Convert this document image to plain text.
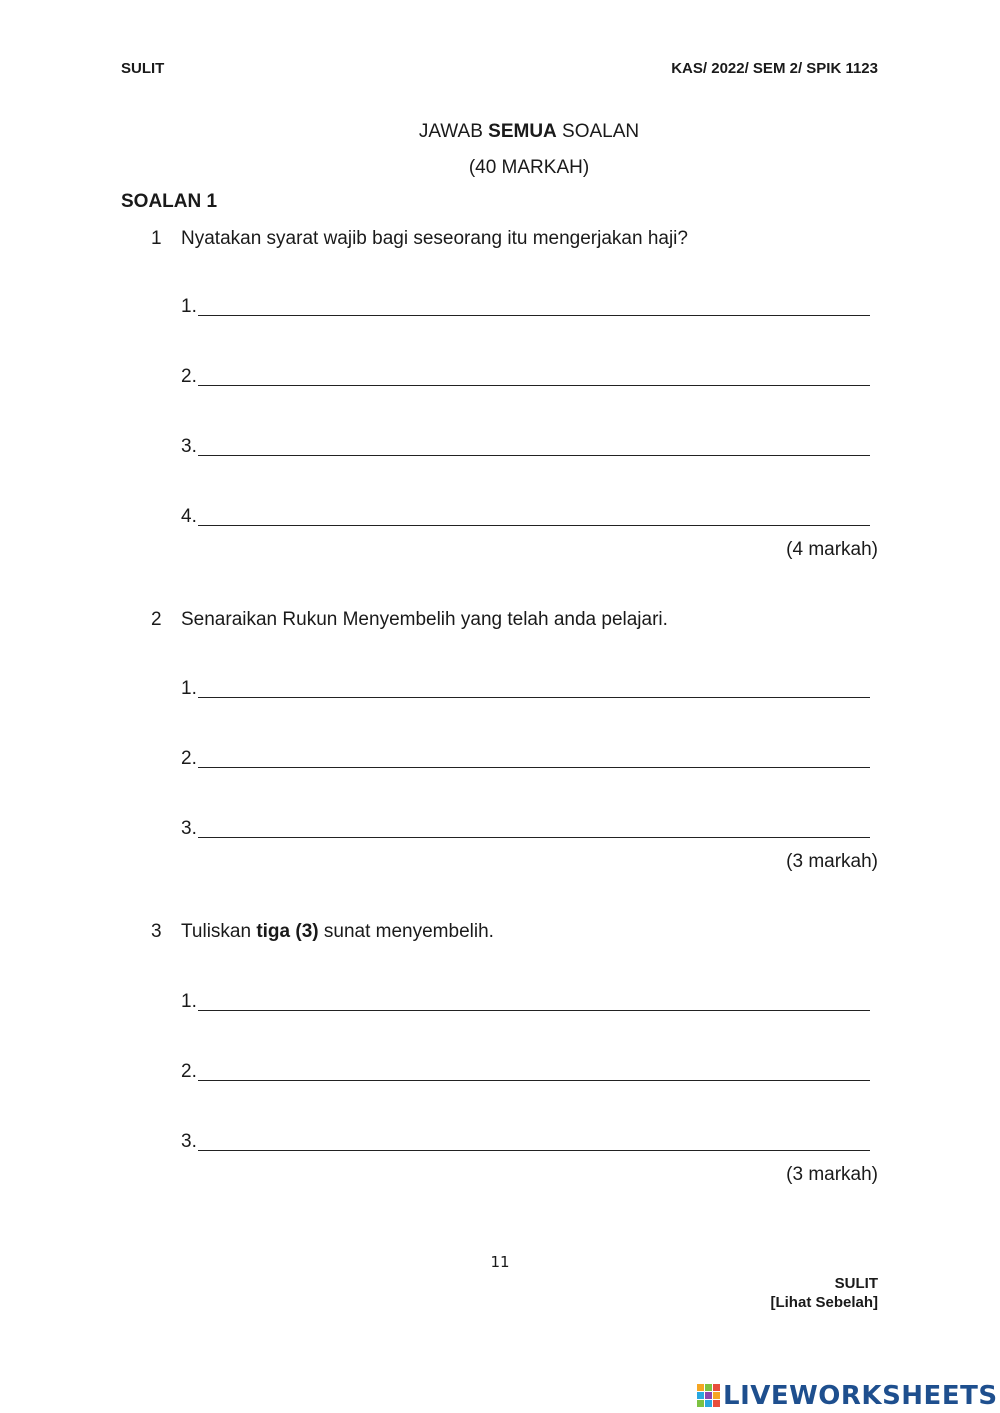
SULIT	KAS/ 2022/ SEM 2/ SPIK 1123
JAWAB SEMUA SOALAN
(40 MARKAH)
SOALAN 1
1 Nyatakan syarat wajib bagi seseorang itu mengerjakan haji?
1.
2.
3.
4.
(4 markah)
2 Senaraikan Rukun Menyembelih yang telah anda pelajari.
1.
2.
3.
(3 markah)
3 Tuliskan tiga (3) sunat menyembelih.
1.
2.
3.
(3 markah)
11
SULIT
[Lihat Sebelah]
LIVEWORKSHEETS
